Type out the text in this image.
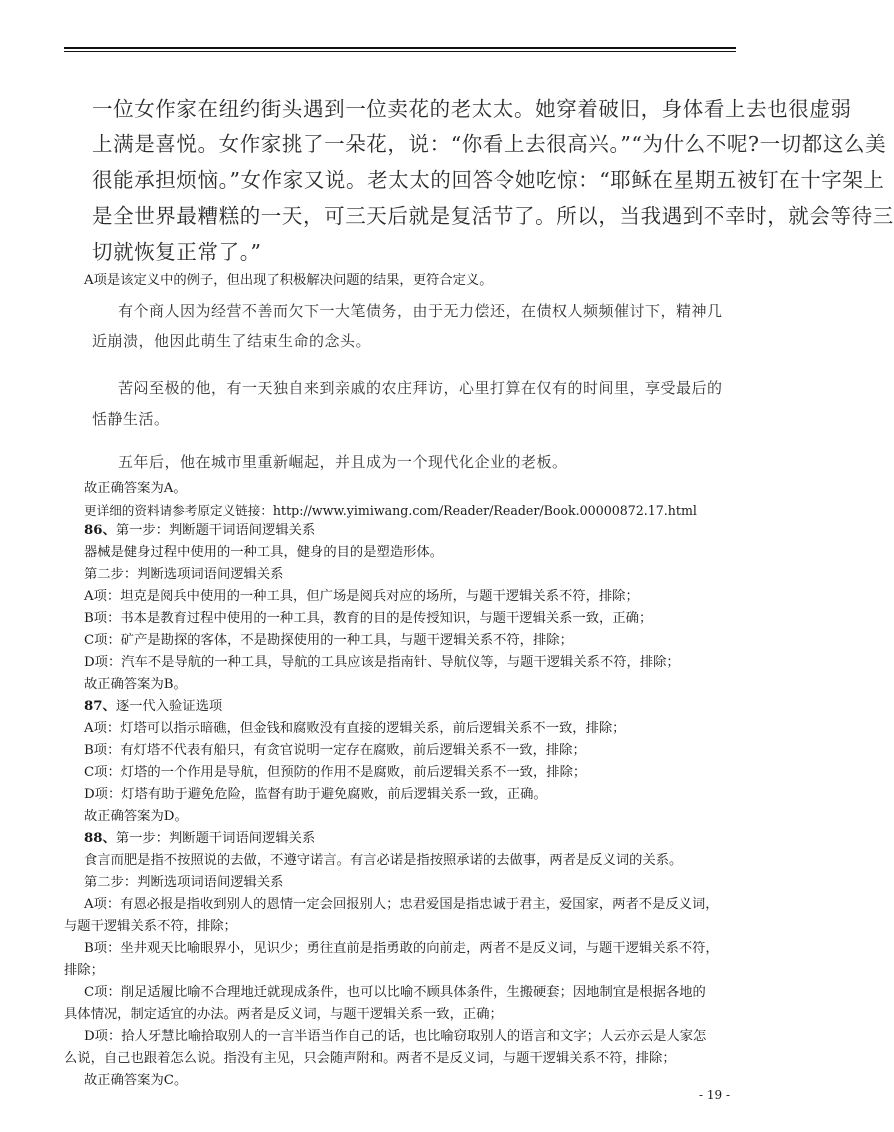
一位女作家在纽约街头遇到一位卖花的老太太。她穿着破旧，身体看上去也很虚弱
上满是喜悦。女作家挑了一朵花，说：“你看上去很高兴。”“为什么不呢?一切都这么美
很能承担烦恼。”女作家又说。老太太的回答令她吃惊：“耶稣在星期五被钉在十字架上
是全世界最糟糕的一天，可三天后就是复活节了。所以，当我遇到不幸时，就会等待三
切就恢复正常了。”
A项是该定义中的例子，但出现了积极解决问题的结果，更符合定义。
有个商人因为经营不善而欠下一大笔债务，由于无力偿还，在债权人频频催讨下，精神几
近崩溃，他因此萌生了结束生命的念头。
苦闷至极的他，有一天独自来到亲戚的农庄拜访，心里打算在仅有的时间里，享受最后的
恬静生活。
五年后，他在城市里重新崛起，并且成为一个现代化企业的老板。
故正确答案为A。
更详细的资料请参考原定义链接：http://www.yimiwang.com/Reader/Reader/Book.00000872.17.html
86、第一步：判断题干词语间逻辑关系
器械是健身过程中使用的一种工具，健身的目的是塑造形体。
第二步：判断选项词语间逻辑关系
A项：坦克是阅兵中使用的一种工具，但广场是阅兵对应的场所，与题干逻辑关系不符，排除；
B项：书本是教育过程中使用的一种工具，教育的目的是传授知识，与题干逻辑关系一致，正确；
C项：矿产是勘探的客体，不是勘探使用的一种工具，与题干逻辑关系不符，排除；
D项：汽车不是导航的一种工具，导航的工具应该是指南针、导航仪等，与题干逻辑关系不符，排除；
故正确答案为B。
87、逐一代入验证选项
A项：灯塔可以指示暗礁，但金钱和腐败没有直接的逻辑关系，前后逻辑关系不一致，排除；
B项：有灯塔不代表有船只，有贪官说明一定存在腐败，前后逻辑关系不一致，排除；
C项：灯塔的一个作用是导航，但预防的作用不是腐败，前后逻辑关系不一致，排除；
D项：灯塔有助于避免危险，监督有助于避免腐败，前后逻辑关系一致，正确。
故正确答案为D。
88、第一步：判断题干词语间逻辑关系
食言而肥是指不按照说的去做，不遵守诺言。有言必诺是指按照承诺的去做事，两者是反义词的关系。
第二步：判断选项词语间逻辑关系
A项：有恩必报是指收到别人的恩情一定会回报别人；忠君爱国是指忠诚于君主，爱国家，两者不是反义词，
与题干逻辑关系不符，排除；
B项：坐井观天比喻眼界小，见识少；勇往直前是指勇敢的向前走，两者不是反义词，与题干逻辑关系不符，
排除；
C项：削足适履比喻不合理地迁就现成条件，也可以比喻不顾具体条件，生搬硬套；因地制宜是根据各地的
具体情况，制定适宜的办法。两者是反义词，与题干逻辑关系一致，正确；
D项：拾人牙慧比喻拾取别人的一言半语当作自己的话，也比喻窃取别人的语言和文字；人云亦云是人家怎
么说，自己也跟着怎么说。指没有主见，只会随声附和。两者不是反义词，与题干逻辑关系不符，排除；
故正确答案为C。
- 19 -
